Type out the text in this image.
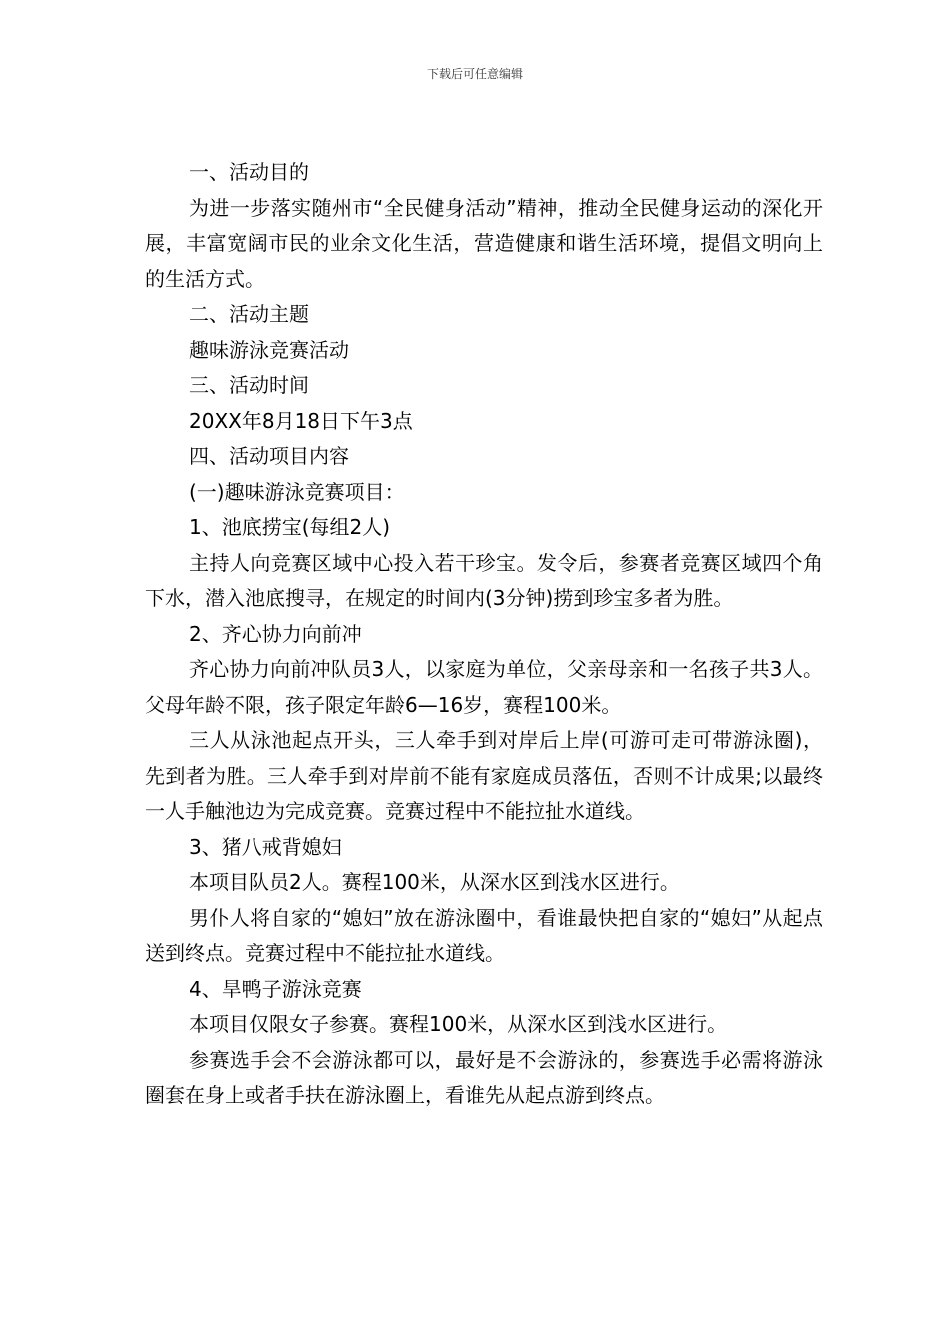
下载后可任意编辑

一、活动目的

为进一步落实随州市“全民健身活动”精神，推动全民健身运动的深化开展，丰富宽阔市民的业余文化生活，营造健康和谐生活环境，提倡文明向上的生活方式。

二、活动主题

趣味游泳竞赛活动

三、活动时间

20XX年8月18日下午3点

四、活动项目内容

(一)趣味游泳竞赛项目：

1、池底捞宝(每组2人)

主持人向竞赛区域中心投入若干珍宝。发令后，参赛者竞赛区域四个角下水，潜入池底搜寻，在规定的时间内(3分钟)捞到珍宝多者为胜。

2、齐心协力向前冲

齐心协力向前冲队员3人，以家庭为单位，父亲母亲和一名孩子共3人。父母年龄不限，孩子限定年龄6—16岁，赛程100米。

三人从泳池起点开头，三人牵手到对岸后上岸(可游可走可带游泳圈)，先到者为胜。三人牵手到对岸前不能有家庭成员落伍，否则不计成果;以最终一人手触池边为完成竞赛。竞赛过程中不能拉扯水道线。

3、猪八戒背媳妇

本项目队员2人。赛程100米，从深水区到浅水区进行。

男仆人将自家的“媳妇”放在游泳圈中，看谁最快把自家的“媳妇”从起点送到终点。竞赛过程中不能拉扯水道线。

4、旱鸭子游泳竞赛

本项目仅限女子参赛。赛程100米，从深水区到浅水区进行。

参赛选手会不会游泳都可以，最好是不会游泳的，参赛选手必需将游泳圈套在身上或者手扶在游泳圈上，看谁先从起点游到终点。
